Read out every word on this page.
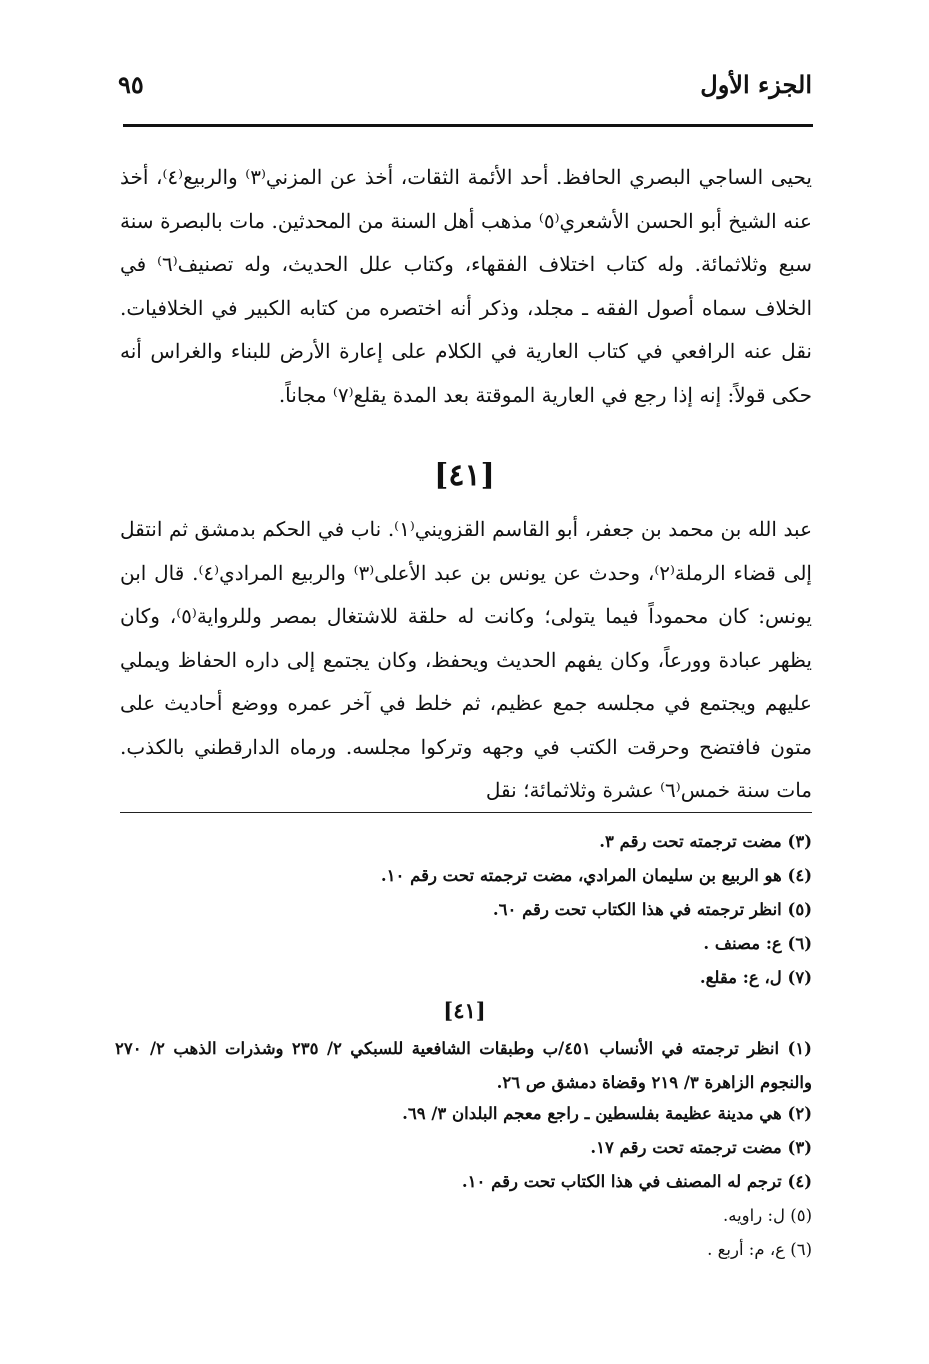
الجزء الأول
٩٥
يحيى الساجي البصري الحافظ. أحد الأئمة الثقات، أخذ عن المزني⁽٣⁾ والربيع⁽٤⁾، أخذ عنه الشيخ أبو الحسن الأشعري⁽٥⁾ مذهب أهل السنة من المحدثين. مات بالبصرة سنة سبع وثلاثمائة. وله كتاب اختلاف الفقهاء، وكتاب علل الحديث، وله تصنيف⁽٦⁾ في الخلاف سماه أصول الفقه ـ مجلد، وذكر أنه اختصره من كتابه الكبير في الخلافيات. نقل عنه الرافعي في كتاب العارية في الكلام على إعارة الأرض للبناء والغراس أنه حكى قولاً: إنه إذا رجع في العارية الموقتة بعد المدة يقلع⁽٧⁾ مجاناً.
[٤١]
عبد الله بن محمد بن جعفر، أبو القاسم القزويني⁽١⁾. ناب في الحكم بدمشق ثم انتقل إلى قضاء الرملة⁽٢⁾، وحدث عن يونس بن عبد الأعلى⁽٣⁾ والربيع المرادي⁽٤⁾. قال ابن يونس: كان محموداً فيما يتولى؛ وكانت له حلقة للاشتغال بمصر وللرواية⁽٥⁾، وكان يظهر عبادة وورعاً، وكان يفهم الحديث ويحفظ، وكان يجتمع إلى داره الحفاظ ويملي عليهم ويجتمع في مجلسه جمع عظيم، ثم خلط في آخر عمره ووضع أحاديث على متون فافتضح وحرقت الكتب في وجهه وتركوا مجلسه. ورماه الدارقطني بالكذب. مات سنة خمس⁽٦⁾ عشرة وثلاثمائة؛ نقل
(٣) مضت ترجمته تحت رقم ٣.
(٤) هو الربيع بن سليمان المرادي، مضت ترجمته تحت رقم ١٠.
(٥) انظر ترجمته في هذا الكتاب تحت رقم ٦٠.
(٦) ع: مصنف .
(٧) ل، ع: مقلع.
[٤١]
(١) انظر ترجمته في الأنساب ٤٥١/ب وطبقات الشافعية للسبكي ٢/ ٢٣٥ وشذرات الذهب ٢/ ٢٧٠ والنجوم الزاهرة ٣/ ٢١٩ وقضاة دمشق ص ٢٦.
(٢) هي مدينة عظيمة بفلسطين ـ راجع معجم البلدان ٣/ ٦٩.
(٣) مضت ترجمته تحت رقم ١٧.
(٤) ترجم له المصنف في هذا الكتاب تحت رقم ١٠.
(٥) ل: راويه.
(٦) ع، م: أربع .
